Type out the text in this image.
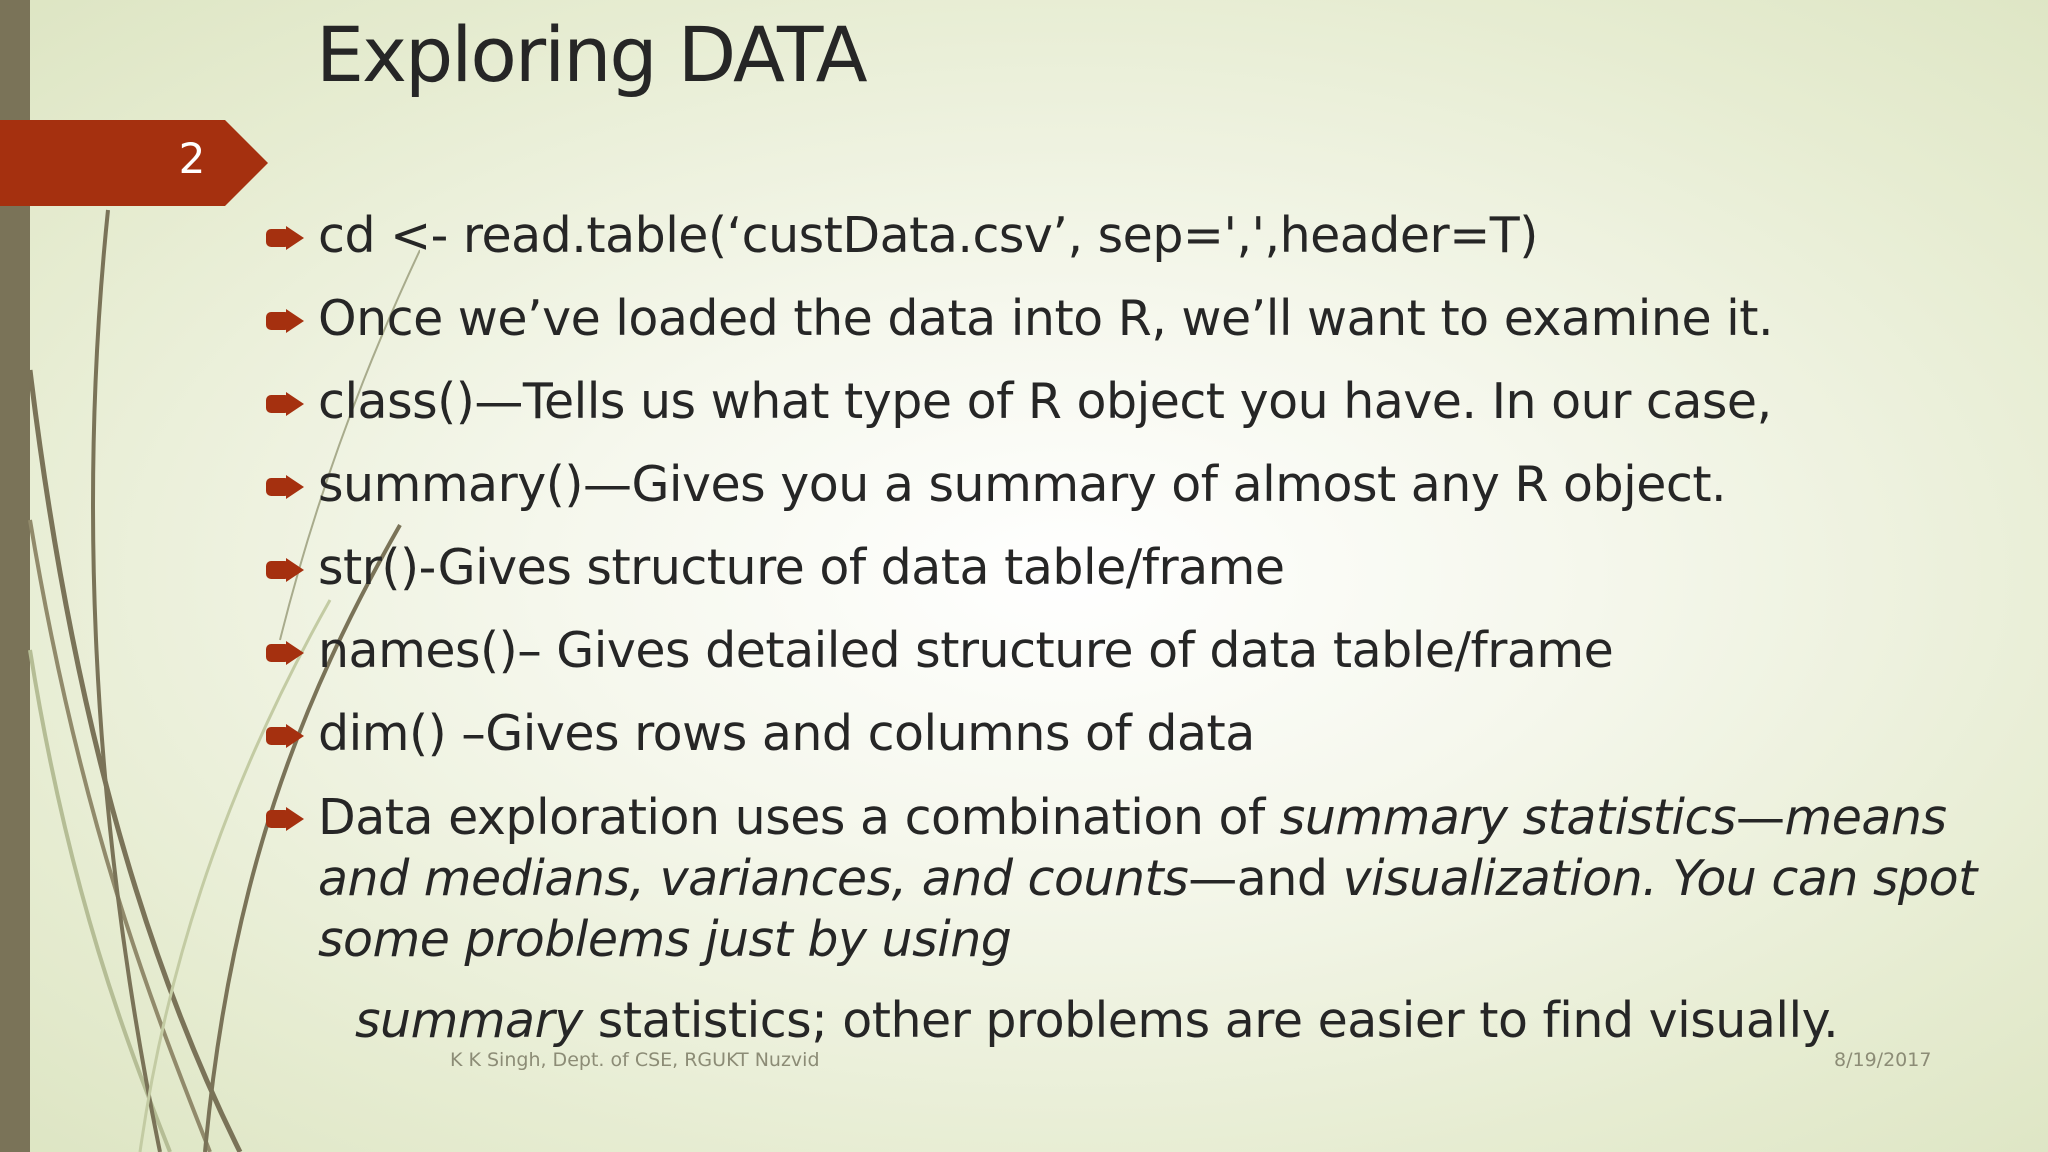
Exploring DATA
2
cd <- read.table(‘custData.csv’, sep=',',header=T)
Once we’ve loaded the data into R, we’ll want to examine it.
class()—Tells us what type of R object you have. In our case,
summary()—Gives you a summary of almost any R object.
str()-Gives structure of data table/frame
names()– Gives detailed structure of data table/frame
dim() –Gives rows and columns of data
Data exploration uses a combination of summary statistics—means and medians, variances, and counts—and visualization. You can spot some problems just by using
summary statistics; other problems are easier to find visually.
K K Singh, Dept. of CSE, RGUKT Nuzvid	8/19/2017
